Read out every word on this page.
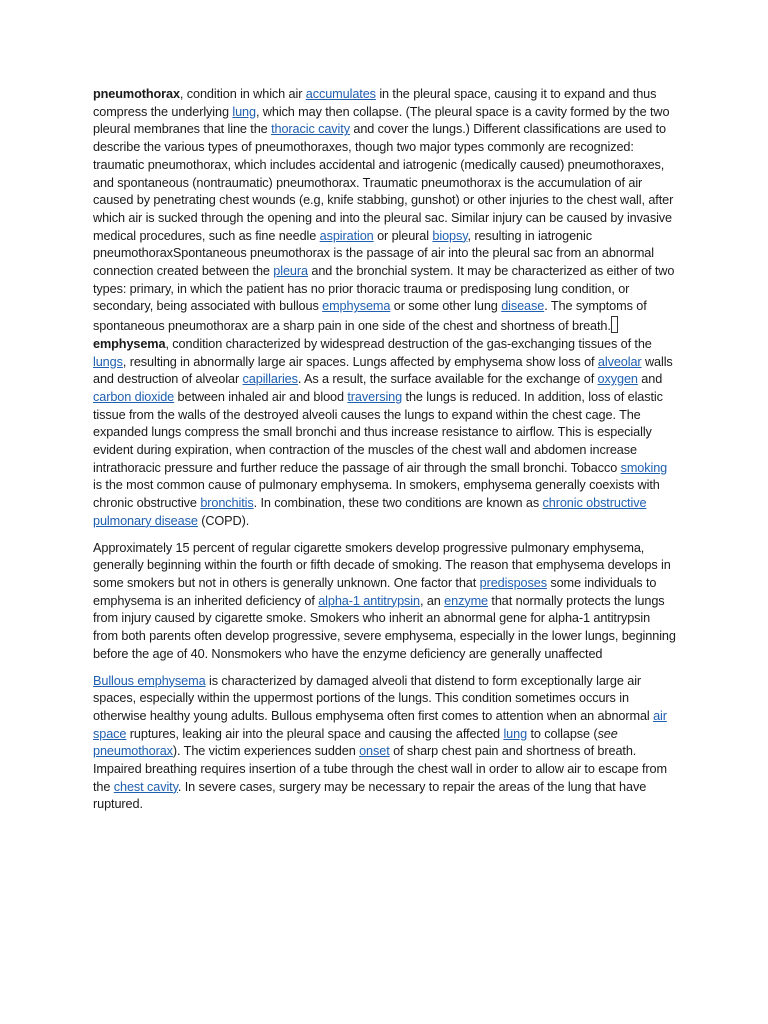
pneumothorax, condition in which air accumulates in the pleural space, causing it to expand and thus compress the underlying lung, which may then collapse. (The pleural space is a cavity formed by the two pleural membranes that line the thoracic cavity and cover the lungs.) Different classifications are used to describe the various types of pneumothoraxes, though two major types commonly are recognized: traumatic pneumothorax, which includes accidental and iatrogenic (medically caused) pneumothoraxes, and spontaneous (nontraumatic) pneumothorax. Traumatic pneumothorax is the accumulation of air caused by penetrating chest wounds (e.g, knife stabbing, gunshot) or other injuries to the chest wall, after which air is sucked through the opening and into the pleural sac. Similar injury can be caused by invasive medical procedures, such as fine needle aspiration or pleural biopsy, resulting in iatrogenic pneumothoraxSpontaneous pneumothorax is the passage of air into the pleural sac from an abnormal connection created between the pleura and the bronchial system. It may be characterized as either of two types: primary, in which the patient has no prior thoracic trauma or predisposing lung condition, or secondary, being associated with bullous emphysema or some other lung disease. The symptoms of spontaneous pneumothorax are a sharp pain in one side of the chest and shortness of breath.emphysema, condition characterized by widespread destruction of the gas-exchanging tissues of the lungs, resulting in abnormally large air spaces. Lungs affected by emphysema show loss of alveolar walls and destruction of alveolar capillaries. As a result, the surface available for the exchange of oxygen and carbon dioxide between inhaled air and blood traversing the lungs is reduced. In addition, loss of elastic tissue from the walls of the destroyed alveoli causes the lungs to expand within the chest cage. The expanded lungs compress the small bronchi and thus increase resistance to airflow. This is especially evident during expiration, when contraction of the muscles of the chest wall and abdomen increase intrathoracic pressure and further reduce the passage of air through the small bronchi. Tobacco smoking is the most common cause of pulmonary emphysema. In smokers, emphysema generally coexists with chronic obstructive bronchitis. In combination, these two conditions are known as chronic obstructive pulmonary disease (COPD).

Approximately 15 percent of regular cigarette smokers develop progressive pulmonary emphysema, generally beginning within the fourth or fifth decade of smoking. The reason that emphysema develops in some smokers but not in others is generally unknown. One factor that predisposes some individuals to emphysema is an inherited deficiency of alpha-1 antitrypsin, an enzyme that normally protects the lungs from injury caused by cigarette smoke. Smokers who inherit an abnormal gene for alpha-1 antitrypsin from both parents often develop progressive, severe emphysema, especially in the lower lungs, beginning before the age of 40. Nonsmokers who have the enzyme deficiency are generally unaffected

Bullous emphysema is characterized by damaged alveoli that distend to form exceptionally large air spaces, especially within the uppermost portions of the lungs. This condition sometimes occurs in otherwise healthy young adults. Bullous emphysema often first comes to attention when an abnormal air space ruptures, leaking air into the pleural space and causing the affected lung to collapse (see pneumothorax). The victim experiences sudden onset of sharp chest pain and shortness of breath. Impaired breathing requires insertion of a tube through the chest wall in order to allow air to escape from the chest cavity. In severe cases, surgery may be necessary to repair the areas of the lung that have ruptured.
